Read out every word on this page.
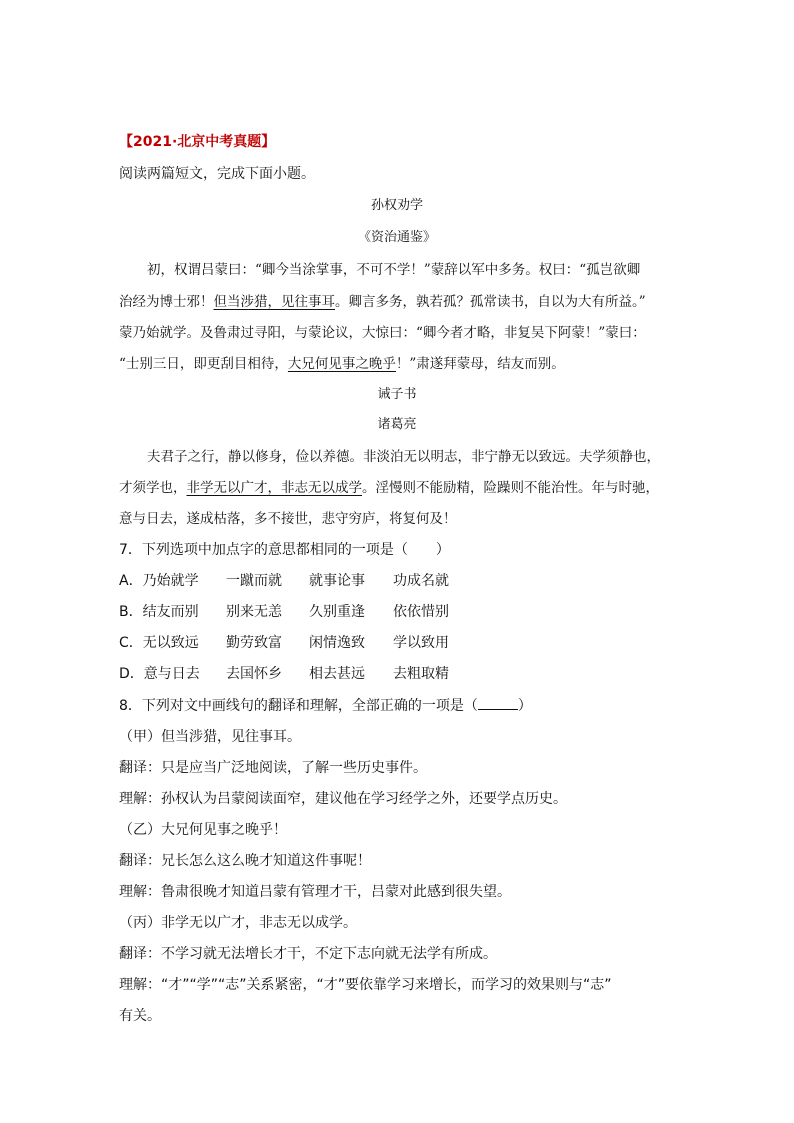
【2021·北京中考真题】
阅读两篇短文，完成下面小题。
孙权劝学
《资治通鉴》
初，权谓吕蒙曰：“卿今当涂掌事，不可不学！”蒙辞以军中多务。权曰：“孤岂欲卿
治经为博士邪！但当涉猎，见往事耳。卿言多务，孰若孤？孤常读书，自以为大有所益。”
蒙乃始就学。及鲁肃过寻阳，与蒙论议，大惊曰：“卿今者才略，非复吴下阿蒙！”蒙曰：
“士别三日，即更刮目相待，大兄何见事之晚乎！”肃遂拜蒙母，结友而别。
诫子书
诸葛亮
夫君子之行，静以修身，俭以养德。非淡泊无以明志，非宁静无以致远。夫学须静也，
才须学也，非学无以广才，非志无以成学。淫慢则不能励精，险躁则不能治性。年与时驰，
意与日去，遂成枯落，多不接世，悲守穷庐，将复何及！
7．下列选项中加点字的意思都相同的一项是（　　）
A．乃始就学 一蹴而就 就事论事 功成名就
B．结友而别 别来无恙 久别重逢 依依惜别
C．无以致远 勤劳致富 闲情逸致 学以致用
D．意与日去 去国怀乡 相去甚远 去粗取精
8．下列对文中画线句的翻译和理解，全部正确的一项是（	）
（甲）但当涉猎，见往事耳。
翻译：只是应当广泛地阅读，了解一些历史事件。
理解：孙权认为吕蒙阅读面窄，建议他在学习经学之外，还要学点历史。
（乙）大兄何见事之晚乎！
翻译：兄长怎么这么晚才知道这件事呢！
理解：鲁肃很晚才知道吕蒙有管理才干，吕蒙对此感到很失望。
（丙）非学无以广才，非志无以成学。
翻译：不学习就无法增长才干，不定下志向就无法学有所成。
理解：“才”“学”“志”关系紧密，“才”要依靠学习来增长，而学习的效果则与“志”
有关。
